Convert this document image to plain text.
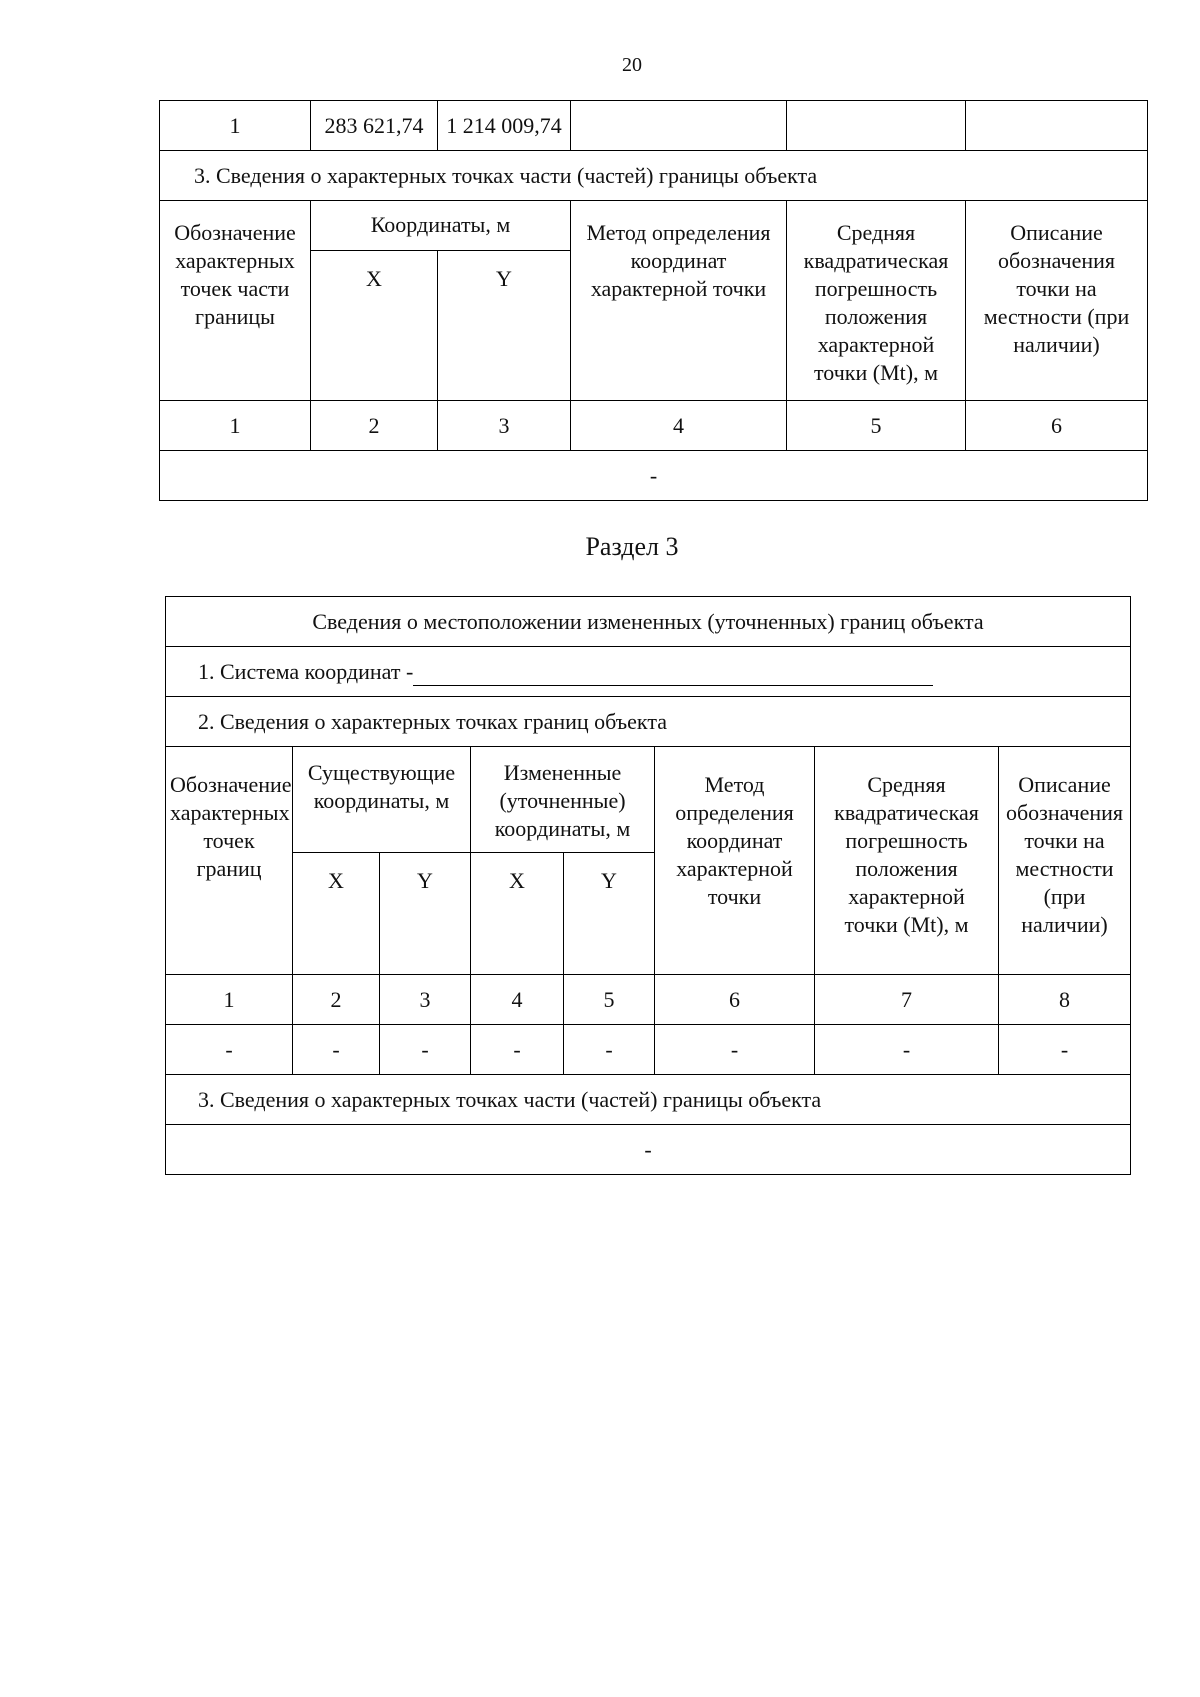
20
1	283 621,74	1 214 009,74			
3. Сведения о характерных точках части (частей) границы объекта					
Обозначение характерных точек части границы	Координаты, м		Метод определения координат характерной точки	Средняя квадратическая погрешность положения характерной точки (Mt), м	Описание обозначения точки на местности (при наличии)
	X	Y			
1	2	3	4	5	6
-					
Раздел 3
Сведения о местоположении измененных (уточненных) границ объекта							
1. Система координат -							
2. Сведения о характерных точках границ объекта							
Обозначение характерных точек границ	Существующие координаты, м		Измененные (уточненные) координаты, м		Метод определения координат характерной точки	Средняя квадратическая погрешность положения характерной точки (Mt), м	Описание обозначения точки на местности (при наличии)
	X	Y	X	Y			
1	2	3	4	5	6	7	8
-	-	-	-	-	-	-	-
3. Сведения о характерных точках части (частей) границы объекта							
-							
